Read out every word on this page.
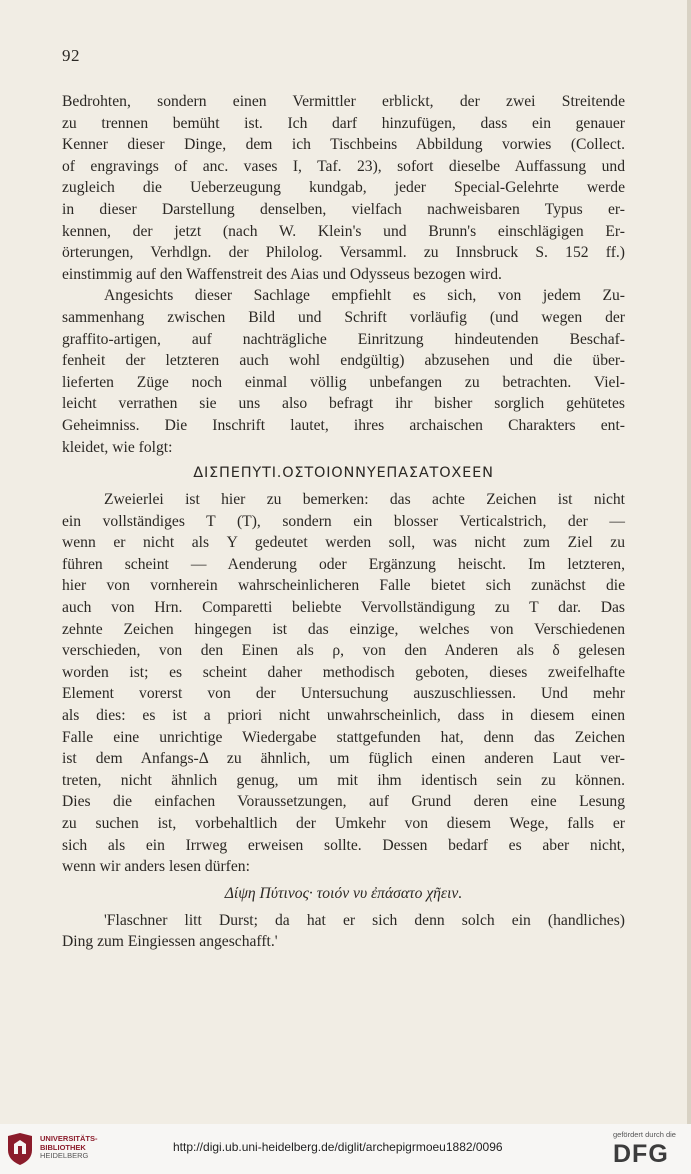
92
Bedrohten, sondern einen Vermittler erblickt, der zwei Streitende
zu trennen bemüht ist. Ich darf hinzufügen, dass ein genauer
Kenner dieser Dinge, dem ich Tischbeins Abbildung vorwies (Collect.
of engravings of anc. vases I, Taf. 23), sofort dieselbe Auffassung und
zugleich die Ueberzeugung kundgab, jeder Special-Gelehrte werde
in dieser Darstellung denselben, vielfach nachweisbaren Typus er-
kennen, der jetzt (nach W. Klein's und Brunn's einschlägigen Er-
örterungen, Verhdlgn. der Philolog. Versamml. zu Innsbruck S. 152 ff.)
einstimmig auf den Waffenstreit des Aias und Odysseus bezogen wird.
Angesichts dieser Sachlage empfiehlt es sich, von jedem Zu-
sammenhang zwischen Bild und Schrift vorläufig (und wegen der
graffito-artigen, auf nachträgliche Einritzung hindeutenden Beschaf-
fenheit der letzteren auch wohl endgültig) abzusehen und die über-
lieferten Züge noch einmal völlig unbefangen zu betrachten. Viel-
leicht verrathen sie uns also befragt ihr bisher sorglich gehütetes
Geheimniss. Die Inschrift lautet, ihres archaischen Charakters ent-
kleidet, wie folgt:
ΔΙΣΠΕΠΥΤΙ.ΟΣΤΟΙΟΝΝΥΕΠΑΣΑΤΟΧΕΕΝ
Zweierlei ist hier zu bemerken: das achte Zeichen ist nicht
ein vollständiges T (Τ), sondern ein blosser Verticalstrich, der —
wenn er nicht als Υ gedeutet werden soll, was nicht zum Ziel zu
führen scheint — Aenderung oder Ergänzung heischt. Im letzteren,
hier von vornherein wahrscheinlicheren Falle bietet sich zunächst die
auch von Hrn. Comparetti beliebte Vervollständigung zu T dar. Das
zehnte Zeichen hingegen ist das einzige, welches von Verschiedenen
verschieden, von den Einen als ρ, von den Anderen als δ gelesen
worden ist; es scheint daher methodisch geboten, dieses zweifelhafte
Element vorerst von der Untersuchung auszuschliessen. Und mehr
als dies: es ist a priori nicht unwahrscheinlich, dass in diesem einen
Falle eine unrichtige Wiedergabe stattgefunden hat, denn das Zeichen
ist dem Anfangs-Δ zu ähnlich, um füglich einen anderen Laut ver-
treten, nicht ähnlich genug, um mit ihm identisch sein zu können.
Dies die einfachen Voraussetzungen, auf Grund deren eine Lesung
zu suchen ist, vorbehaltlich der Umkehr von diesem Wege, falls er
sich als ein Irrweg erweisen sollte. Dessen bedarf es aber nicht,
wenn wir anders lesen dürfen:
Δίψη Πύτινος· τοιόν νυ ἐπάσατο χῆειν.
'Flaschner litt Durst; da hat er sich denn solch ein (handliches)
Ding zum Eingiessen angeschafft.'
UNIVERSITÄTS-
BIBLIOTHEK
HEIDELBERG
http://digi.ub.uni-heidelberg.de/diglit/archepigrmoeu1882/0096
gefördert durch die
DFG
